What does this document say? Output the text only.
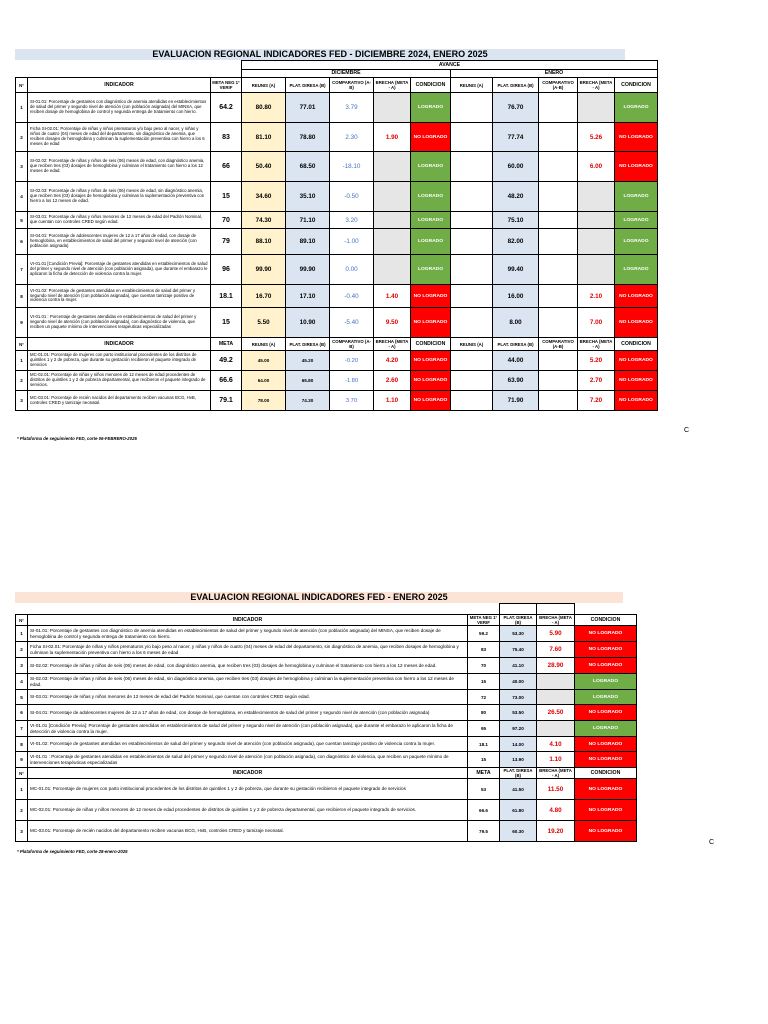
EVALUACION REGIONAL INDICADORES FED - DICIEMBRE 2024, ENERO 2025
			AVANCE									
			DICIEMBRE					ENERO				
N°	INDICADOR	META NEG 1° VERIF	REUNIS (A)	PLAT. DIRESA (B)	COMPARATIVO (A-B)	BRECHA (META - A)	CONDICION	REUNIS (A)	PLAT. DIRESA (B)	COMPARATIVO (A-B)	BRECHA (META - A)	CONDICION
1	SI-01.01: Porcentaje de gestantes con diagnóstico de anemia atendidas en establecimientos de salud del primer y segundo nivel de atención (con población asignada) del MINSA, que reciben dosaje de hemoglobina de control y segunda entrega de tratamiento con hierro.	64.2	80.80	77.01	3.79		LOGRADO		76.70			LOGRADO
2	Ficha SI-02.01: Porcentaje de niñas y niños prematuros y/o bajo peso al nacer, y niñas y niños de cuatro (04) meses de edad del departamento, sin diagnóstico de anemia, que reciben dosajes de hemoglobina y culminan la suplementación preventiva con hierro a los 6 meses de edad	83	81.10	78.80	2.30	1.90	NO LOGRADO		77.74		5.26	NO LOGRADO
3	SI-02.02: Porcentaje de niñas y niños de seis (06) meses de edad, con diagnóstico anemia, que reciben tres (03) dosajes de hemoglobina y culminan el tratamiento con hierro a los 12 meses de edad.	66	50.40	68.50	-18.10		LOGRADO		60.00		6.00	NO LOGRADO
4	SI-02.03: Porcentaje de niñas y niños de seis (06) meses de edad, sin diagnóstico anemia, que reciben tres (03) dosajes de hemoglobina y culminan la suplementación preventiva con hierro a los 12 meses de edad.	15	34.60	35.10	-0.50		LOGRADO		48.20			LOGRADO
5	SI-03.01: Porcentaje de niñas y niños menores de 12 meses de edad del Padrón Nominal, que cuentan con controles CRED según edad.	70	74.30	71.10	3.20		LOGRADO		75.10			LOGRADO
6	SI-04.01: Porcentaje de adolescentes mujeres de 12 a 17 años de edad, con dosaje de hemoglobina, en establecimientos de salud del primer y segundo nivel de atención (con población asignada)	79	88.10	89.10	-1.00		LOGRADO		82.00			LOGRADO
7	VI-01.01 [Condición Previa]: Porcentaje de gestantes atendidas en establecimientos de salud del primer y segundo nivel de atención (con población asignada), que durante el embarazo le aplicaron la ficha de detección de violencia contra la mujer.	96	99.90	99.90	0.00		LOGRADO		99.40			LOGRADO
8	VI-01.02: Porcentaje de gestantes atendidas en establecimientos de salud del primer y segundo nivel de atención (con población asignada), que cuentan tamizaje positivo de violencia contra la mujer.	18.1	16.70	17.10	-0.40	1.40	NO LOGRADO		16.00		2.10	NO LOGRADO
9	VI-01.01 : Porcentaje de gestantes atendidas en establecimientos de salud del primer y segundo nivel de atención (con población asignada), con diagnóstico de violencia, que reciben un paquete mínimo de intervenciones terapéuticas especializadas	15	5.50	10.90	-5.40	9.50	NO LOGRADO		8.00		7.00	NO LOGRADO
N°	INDICADOR	META	REUNIS (A)	PLAT. DIRESA (B)	COMPARATIVO (A-B)	BRECHA (META - A)	CONDICION	REUNIS (A)	PLAT. DIRESA (B)	COMPARATIVO (A-B)	BRECHA (META - A)	CONDICION
1	MC-01.01: Porcentaje de mujeres con parto institucional procedentes de los distritos de quintiles 1 y 2 de pobreza, que durante su gestación recibieron el paquete integrado de servicios	49.2	45.00	45.20	-0.20	4.20	NO LOGRADO		44.00		5.20	NO LOGRADO
2	MC-02.01: Porcentaje de niñas y niños menores de 12 meses de edad procedentes de distritos de quintiles 1 y 2 de pobreza departamental, que recibieron el paquete integrado de servicios.	66.6	64.00	65.80	-1.80	2.60	NO LOGRADO		63.90		2.70	NO LOGRADO
3	MC-03.01: Porcentaje de recién nacidos del departamento reciben vacunas BCG, HvB, controles CRED y tamizaje neonatal.	79.1	78.00	74.30	3.70	1.10	NO LOGRADO		71.90		7.20	NO LOGRADO
* Plataforma de seguimiento FED, corte 06-FEBRERO-2025
C
EVALUACION REGIONAL INDICADORES FED - ENERO 2025

N°	INDICADOR	META NEG 1° VERIF	PLAT. DIRESA (B)	BRECHA (META - A)	CONDICION
1	SI-01.01: Porcentaje de gestantes con diagnóstico de anemia atendidas en establecimientos de salud del primer y segundo nivel de atención (con población asignada) del MINSA, que reciben dosaje de hemoglobina de control y segunda entrega de tratamiento con hierro.	59.2	53.30	5.90	NO LOGRADO
2	Ficha SI-02.01: Porcentaje de niñas y niños prematuros y/o bajo peso al nacer, y niñas y niños de cuatro (04) meses de edad del departamento, sin diagnóstico de anemia, que reciben dosajes de hemoglobina y culminan la suplementación preventiva con hierro a los 6 meses de edad	83	75.40	7.60	NO LOGRADO
3	SI-02.02: Porcentaje de niñas y niños de seis (06) meses de edad, con diagnóstico anemia, que reciben tres (03) dosajes de hemoglobina y culminan el tratamiento con hierro a los 12 meses de edad.	70	41.10	28.90	NO LOGRADO
4	SI-02.03: Porcentaje de niñas y niños de seis (06) meses de edad, sin diagnóstico anemia, que reciben tres (03) dosajes de hemoglobina y culminan la suplementación preventiva con hierro a los 12 meses de edad.	15	40.00		LOGRADO
5	SI-03.01: Porcentaje de niñas y niños menores de 12 meses de edad del Padrón Nominal, que cuentan con controles CRED según edad.	72	73.00		LOGRADO
6	SI-04.01: Porcentaje de adolescentes mujeres de 12 a 17 años de edad, con dosaje de hemoglobina, en establecimientos de salud del primer y segundo nivel de atención (con población asignada)	80	53.50	26.50	NO LOGRADO
7	VI-01.01 [Condición Previa]: Porcentaje de gestantes atendidas en establecimientos de salud del primer y segundo nivel de atención (con población asignada), que durante el embarazo le aplicaron la ficha de detección de violencia contra la mujer.	95	97.20		LOGRADO
8	VI-01.02: Porcentaje de gestantes atendidas en establecimientos de salud del primer y segundo nivel de atención (con población asignada), que cuentan tamizaje positivo de violencia contra la mujer.	18.1	14.00	4.10	NO LOGRADO
9	VI-01.01 : Porcentaje de gestantes atendidas en establecimientos de salud del primer y segundo nivel de atención (con población asignada), con diagnóstico de violencia, que reciben un paquete mínimo de intervenciones terapéuticas especializadas	15	13.90	1.10	NO LOGRADO
N°	INDICADOR	META	PLAT. DIRESA (B)	BRECHA (META - A)	CONDICION
1	MC-01.01: Porcentaje de mujeres con parto institucional procedentes de los distritos de quintiles 1 y 2 de pobreza, que durante su gestación recibieron el paquete integrado de servicios	53	41.50	11.50	NO LOGRADO
2	MC-02.01: Porcentaje de niñas y niños menores de 12 meses de edad procedentes de distritos de quintiles 1 y 2 de pobreza departamental, que recibieron el paquete integrado de servicios.	66.6	61.80	4.80	NO LOGRADO
3	MC-03.01: Porcentaje de recién nacidos del departamento reciben vacunas BCG, HvB, controles CRED y tamizaje neonatal.	79.5	60.30	19.20	NO LOGRADO
* Plataforma de seguimiento FED, corte 28-enero-2025
C
